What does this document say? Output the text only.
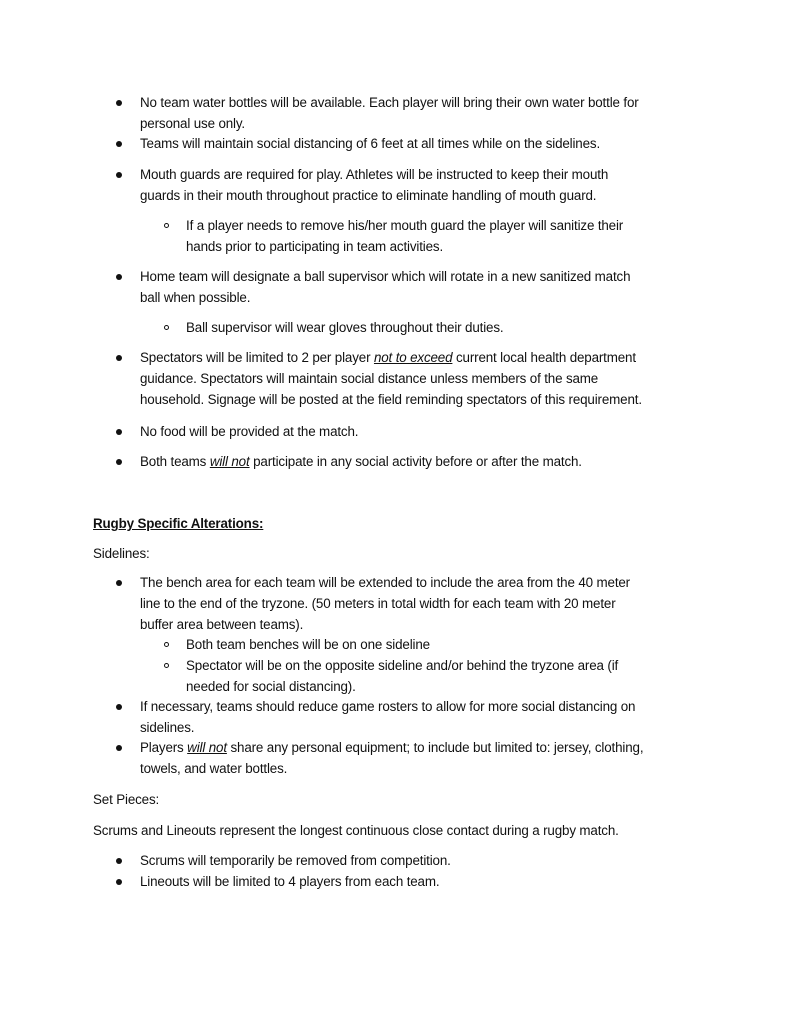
No team water bottles will be available. Each player will bring their own water bottle for
personal use only.
Teams will maintain social distancing of 6 feet at all times while on the sidelines.
Mouth guards are required for play. Athletes will be instructed to keep their mouth
guards in their mouth throughout practice to eliminate handling of mouth guard.
If a player needs to remove his/her mouth guard the player will sanitize their
hands prior to participating in team activities.
Home team will designate a ball supervisor which will rotate in a new sanitized match
ball when possible.
Ball supervisor will wear gloves throughout their duties.
Spectators will be limited to 2 per player not to exceed current local health department
guidance. Spectators will maintain social distance unless members of the same
household. Signage will be posted at the field reminding spectators of this requirement.
No food will be provided at the match.
Both teams will not participate in any social activity before or after the match.
Rugby Specific Alterations:
Sidelines:
The bench area for each team will be extended to include the area from the 40 meter
line to the end of the tryzone. (50 meters in total width for each team with 20 meter
buffer area between teams).
Both team benches will be on one sideline
Spectator will be on the opposite sideline and/or behind the tryzone area (if
needed for social distancing).
If necessary, teams should reduce game rosters to allow for more social distancing on
sidelines.
Players will not share any personal equipment; to include but limited to: jersey, clothing,
towels, and water bottles.
Set Pieces:
Scrums and Lineouts represent the longest continuous close contact during a rugby match.
Scrums will temporarily be removed from competition.
Lineouts will be limited to 4 players from each team.
